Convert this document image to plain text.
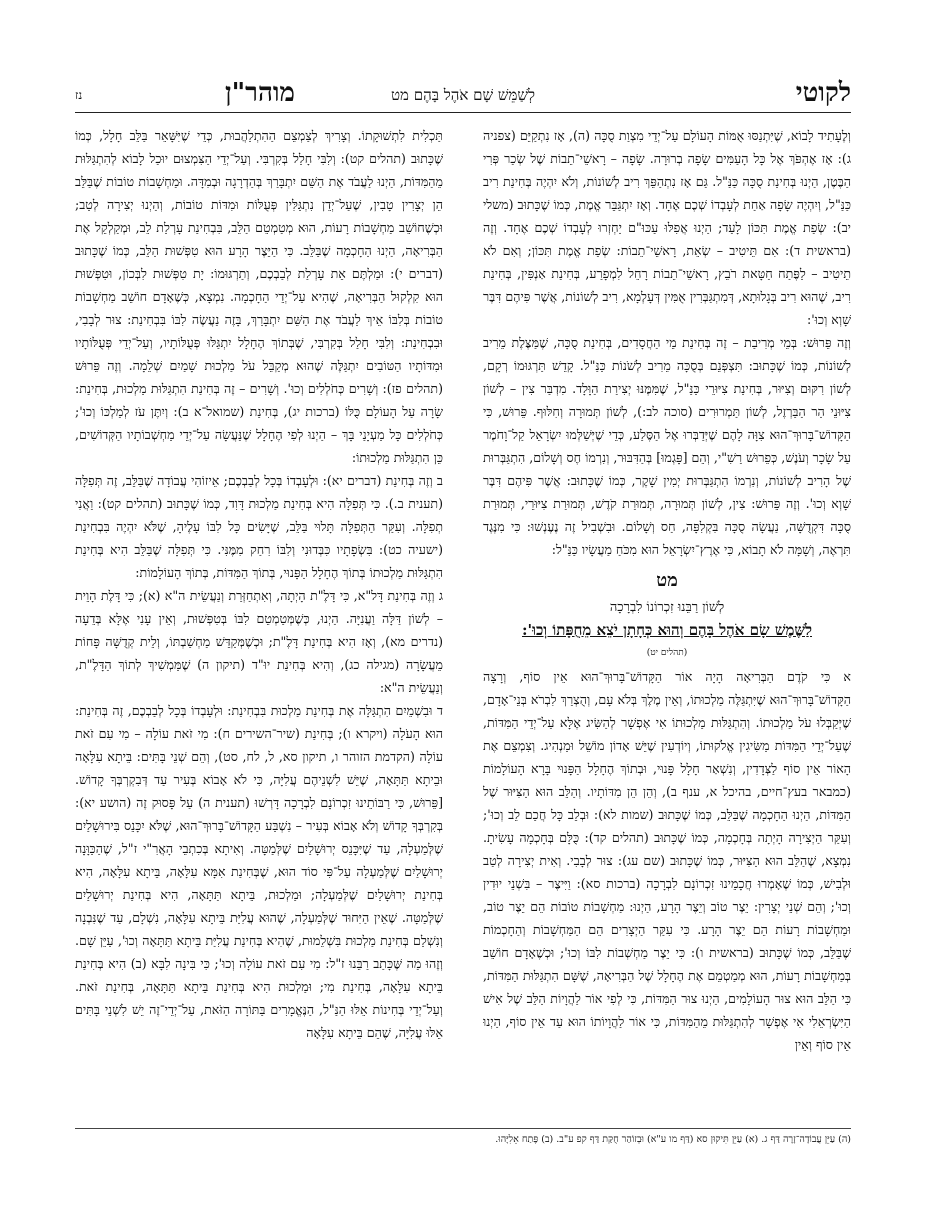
לקוטי
לְשַׁמֵּשׁ שָׁם אֹהֶל בָּהֶם מט
מוהר"ן
נז

וְלֶעָתִיד לָבוֹא, שֶׁיִּתְנַסּוּ אֻמּוֹת הָעוֹלָם עַל־יְדֵי מִצְוַת סֻכָּה (ה), אָז נִתְקַיֵּם (צפניה ג): אָז אֶהְפֹּךְ אֶל כָּל הָעַמִּים שָׂפָה בְרוּרָה. שָׂפָה – רָאשֵׁי־תֵבוֹת שֶׁל שְׂכַר פְּרִי הַבֶּטֶן, הַיְנוּ בְּחִינַת סֻכָּה כַּנַּ"ל. גַּם אָז נִתְהַפֵּךְ רִיב לְשׁוֹנוֹת, וְלֹא יִהְיֶה בְּחִינַת רִיב כַּנַּ"ל, וְיִהְיֶה שָׂפָה אַחַת לְעָבְדוֹ שְׁכֶם אֶחָד. וְאָז יִתְגַּבֵּר אֱמֶת, כְּמוֹ שֶׁכָּתוּב (משלי יב): שְׂפַת אֱמֶת תִּכּוֹן לָעַד; הַיְנוּ אֲפִלּוּ עַכּוּ"ם יַחְזְרוּ לְעָבְדוֹ שְׁכֶם אֶחָד. וְזֶה (בראשית ד): אִם תֵּיטִיב – שְׂאֵת, רָאשֵׁי־תֵבוֹת: שְׂפַת אֱמֶת תִּכּוֹן; וְאִם לֹא תֵיטִיב – לַפֶּתַח חַטָּאת רֹבֵץ, רָאשֵׁי־תֵבוֹת רָחֵל לִמְפָרַע, בְּחִינַת אַנְפִּין, בְּחִינַת רִיב, שֶׁהוּא רִיב בְּגָלוּתָא, דְּמִתְגַּבְּרִין אֻמִּין דְּעָלְמָא, רִיב לְשׁוֹנוֹת, אֲשֶׁר פִּיהֶם דִּבֶּר שָׁוְא וְכוּ':

וְזֶה פֵּרוּשׁ: בְּמֵי מְרִיבַת – זֶה בְּחִינַת מֵי הַחֲסָדִים, בְּחִינַת סֻכָּה, שֶׁמַּצֶּלֶת מֵרִיב לְשׁוֹנוֹת, כְּמוֹ שֶׁכָּתוּב: תִּצְפְּנֵם בְּסֻכָּה מֵרִיב לְשֹׁנוֹת כַּנַּ"ל. קָדֵשׁ תַּרְגּוּמוֹ רְקָם, לְשׁוֹן רִקּוּם וְצִיּוּר, בְּחִינַת צִיּוּרֵי כַּנַּ"ל, שֶׁמִּמֶּנּוּ יְצִירַת הַוָּלָד. מִדְבַּר צִין – לְשׁוֹן צִיּוּנֵי הַר הַבַּרְזֶל, לְשׁוֹן תַּמְרוּרִים (סוכה לב:), לְשׁוֹן תְּמוּרָה וְחִלּוּף. פֵּרוּשׁ, כִּי הַקָּדוֹשׁ־בָּרוּךְ־הוּא צִוָּה לָהֶם שֶׁיְּדַבְּרוּ אֶל הַסֶּלַע, כְּדֵי שֶׁיְּשַׁלְּמוּ יִשְׂרָאֵל קַל־וָחֹמֶר עַל שָׂכָר וְעֹנֶשׁ, כְּפֵרוּשׁ רַשִׁ"י, וְהֵם [פָּגְמוּ] בְּהַדִּבּוּר, וְנִרְמוֹ חֶס וְשָׁלוֹם, הִתְגַּבְּרוּת שֶׁל הָרִיב לְשׁוֹנוֹת, וְנִרְמוֹ הִתְגַּבְּרוּת יְמִין שָׁקֶר, כְּמוֹ שֶׁכָּתוּב: אֲשֶׁר פִּיהֶם דִּבֶּר שָׁוְא וְכוּ'. וְזֶה פֵּרוּשׁ: צִין, לְשׁוֹן תְּמוּרָה, תְּמוּרַת קֹדֶשׁ, תְּמוּרַת צִיּוּרֵי, תְּמוּרַת סֻכָּה דִּקְדֻשָּׁה, נַעֲשָׂה סֻכָּה בִּקְלִפָּה, חַס וְשָׁלוֹם. וּבִשְׁבִיל זֶה נֶעֶנְשׁוּ: כִּי מִנֶּגֶד תִּרְאֶה, וְשָׁמָּה לֹא תָבוֹא, כִּי אֶרֶץ־יִשְׂרָאֵל הוּא מִכֹּחַ מַעֲשָׂיו כַּנַּ"ל:

מט

לְשׁוֹן רַבֵּנוּ זִכְרוֹנוֹ לִבְרָכָה

לַשֶּׁמֶשׁ שָׂם אֹהֶל בָּהֶם וְהוּא כְּחָתָן יֹצֵא מֵחֻפָּתוֹ וְכוּ':

(תהלים יט)

א כִּי קֹדֶם הַבְּרִיאָה הָיָה אוֹר הַקָּדוֹשׁ־בָּרוּךְ־הוּא אֵין סוֹף, וְרָצָה הַקָּדוֹשׁ־בָּרוּךְ־הוּא שֶׁיִּתְגַּלֶּה מַלְכוּתוֹ, וְאֵין מֶלֶךְ בְּלֹא עָם, וְהֻצְרַךְ לִבְרֹא בְּנֵי־אָדָם, שֶׁיְּקַבְּלוּ עֹל מַלְכוּתוֹ. וְהִתְגַּלּוּת מַלְכוּתוֹ אִי אֶפְשָׁר לְהַשִּׂיג אֶלָּא עַל־יְדֵי הַמִּדּוֹת, שֶׁעַל־יְדֵי הַמִּדּוֹת מַשִּׂיגִין אֱלֹקוּתוֹ, וְיוֹדְעִין שֶׁיֵּשׁ אָדוֹן מוֹשֵׁל וּמַנְהִיג. וְצִמְצֵם אֶת הָאוֹר אֵין סוֹף לַצְּדָדִין, וְנִשְׁאַר חָלָל פָּנוּי, וּבְתוֹךְ הֶחָלָל הַפָּנוּי בָּרָא הָעוֹלָמוֹת (כמבאר בעץ־חיים, בהיכל א, ענף ב), וְהֵן הֵן מִדּוֹתָיו. וְהַלֵּב הוּא הַצִּיּוּר שֶׁל הַמִּדּוֹת, הַיְנוּ הַחָכְמָה שֶׁבַּלֵּב, כְּמוֹ שֶׁכָּתוּב (שמות לא): וּבְלֵב כָּל חֲכַם לֵב וְכוּ'; וְעִקַּר הַיְצִירָה הָיְתָה בְּחָכְמָה, כְּמוֹ שֶׁכָּתוּב (תהלים קד): כֻּלָּם בְּחָכְמָה עָשִׂיתָ. נִמְצָא, שֶׁהַלֵּב הוּא הַצִּיּוּר, כְּמוֹ שֶׁכָּתוּב (שם עג): צוּר לְבָבִי. וְאִית יְצִירָה לְטַב וּלְבִישׁ, כְּמוֹ שֶׁאָמְרוּ חֲכָמֵינוּ זִכְרוֹנָם לִבְרָכָה (ברכות סא): וַיִּיצֶר – בִּשְׁנֵי יוּדִין וְכוּ'; וְהֵם שְׁנֵי יְצָרִין: יֵצֶר טוֹב וְיֵצֶר הָרָע, הַיְנוּ: מַחְשָׁבוֹת טוֹבוֹת הֵם יֵצֶר טוֹב, וּמַחְשָׁבוֹת רָעוֹת הֵם יֵצֶר הָרָע. כִּי עִקַּר הַיְצָרִים הֵם הַמַּחְשָׁבוֹת וְהַחָכְמוֹת שֶׁבַּלֵּב, כְּמוֹ שֶׁכָּתוּב (בראשית ו): כִּי יֵצֶר מַחְשְׁבוֹת לִבּוֹ וְכוּ'; וּכְשֶׁאָדָם חוֹשֵׁב בְּמַחְשָׁבוֹת רָעוֹת, הוּא מְמַטְמֵם אֶת הֶחָלָל שֶׁל הַבְּרִיאָה, שֶׁשָּׁם הִתְגַּלּוּת הַמִּדּוֹת, כִּי הַלֵּב הוּא צוּר הָעוֹלָמִים, הַיְנוּ צוּר הַמִּדּוֹת, כִּי לְפִי אוֹר לַהֲוָיוֹת הַלֵּב שֶׁל אִישׁ הַיִּשְׂרְאֵלִי אִי אֶפְשָׁר לְהִתְגַּלּוּת מֵהַמִּדּוֹת, כִּי אוֹר לַהֲוָיוֹתוֹ הוּא עַד אֵין סוֹף, הַיְנוּ אֵין סוֹף וְאֵין

תַּכְלִית לִתְשׁוּקָתוֹ. וְצָרִיךְ לְצַמְצֵם הַהִתְלַהֲבוּת, כְּדֵי שֶׁיִּשָּׁאֵר בַּלֵּב חָלָל, כְּמוֹ שֶׁכָּתוּב (תהלים קט): וְלִבִּי חָלַל בְּקִרְבִּי. וְעַל־יְדֵי הַצִּמְצוּם יוּכַל לָבוֹא לְהִתְגַּלּוּת מֵהַמִּדּוֹת, הַיְנוּ לַעֲבֹד אֶת הַשֵּׁם יִתְבָּרַךְ בְּהַדְרָגָה וּבְמִדָּה. וּמַחְשָׁבוֹת טוֹבוֹת שֶׁבַּלֵּב הֵן יְצָרִין טָבִין, שֶׁעַל־יְדֵן נִתְגַּלִּין פְּעֻלּוֹת וּמִדּוֹת טוֹבוֹת, וְהַיְנוּ יְצִירָה לְטַב; וּכְשֶׁחוֹשֵׁב מַחְשָׁבוֹת רָעוֹת, הוּא מְטַמְטֵם הַלֵּב, בִּבְחִינַת עָרְלַת לֵב, וּמְקַלְקֵל אֶת הַבְּרִיאָה, הַיְנוּ הַחָכְמָה שֶׁבַּלֵּב. כִּי הַיֵּצֶר הָרָע הוּא טִפְּשׁוּת הַלֵּב, כְּמוֹ שֶׁכָּתוּב (דברים י): וּמַלְתֶּם אֵת עָרְלַת לְבַבְכֶם, וְתַרְגּוּמוֹ: יָת טִפְּשׁוּת לִבְּכוֹן, וּטִפְּשׁוּת הוּא קִלְקוּל הַבְּרִיאָה, שֶׁהִיא עַל־יְדֵי הַחָכְמָה. נִמְצָא, כְּשֶׁאָדָם חוֹשֵׁב מַחְשָׁבוֹת טוֹבוֹת בְּלִבּוֹ אֵיךְ לַעֲבֹד אֶת הַשֵּׁם יִתְבָּרַךְ, בָּזֶה נַעֲשֶׂה לִבּוֹ בִּבְחִינַת: צוּר לְבָבִי, וּבִבְחִינַת: וְלִבִּי חָלַל בְּקִרְבִּי, שֶׁבְּתוֹךְ הֶחָלָל יִתְגַּלּוּ פְּעֻלּוֹתָיו, וְעַל־יְדֵי פְּעֻלּוֹתָיו וּמִדּוֹתָיו הַטּוֹבִים יִתְגַּלֶּה שֶׁהוּא מְקַבֵּל עֹל מַלְכוּת שָׁמַיִם שְׁלֵמָה. וְזֶה פֵּרוּשׁ (תהלים פז): וְשָׁרִים כְּחֹלְלִים וְכוּ'. וְשָׁרִים – זֶה בְּחִינַת הִתְגַּלּוּת מַלְכוּת, בְּחִינַת: שָׂרָה עַל הָעוֹלָם כֻּלּוֹ (ברכות יג), בְּחִינַת (שמואל־א ב): וְיִתֶּן עֹז לְמַלְכּוֹ וְכוּ'; כְּחֹלְלִים כָּל מַעְיָנַי בָּךְ – הַיְנוּ לְפִי הֶחָלָל שֶׁנַּעֲשָׂה עַל־יְדֵי מַחְשְׁבוֹתָיו הַקְּדוֹשִׁים, כֵּן הִתְגַּלּוּת מַלְכוּתוֹ:

ב וְזֶה בְּחִינַת (דברים יא): וּלְעָבְדוֹ בְּכָל לְבַבְכֶם; אֵיזוֹהִי עֲבוֹדָה שֶׁבַּלֵּב, זֶה תְּפִלָּה (תענית ב.). כִּי תְּפִלָּה הִיא בְּחִינַת מַלְכוּת דָּוִד, כְּמוֹ שֶׁכָּתוּב (תהלים קט): וַאֲנִי תְפִלָּה. וְעִקַּר הַתְּפִלָּה תָּלוּי בַּלֵּב, שֶׁיָּשִׂים כָּל לִבּוֹ עָלֶיהָ, שֶׁלֹּא יִהְיֶה בִּבְחִינַת (ישעיה כט): בִּשְׂפָתָיו כִּבְּדוּנִי וְלִבּוֹ רִחַק מִמֶּנִּי. כִּי תְּפִלָּה שֶׁבַּלֵּב הִיא בְּחִינַת הִתְגַּלּוּת מַלְכוּתוֹ בְּתוֹךְ הֶחָלָל הַפָּנוּי, בְּתוֹךְ הַמִּדּוֹת, בְּתוֹךְ הָעוֹלָמוֹת:

ג וְזֶה בְּחִינַת דָּל"א, כִּי דָּלֶ"ת הָיְתָה, וְאִתְחַזְּרַת וְנַעֲשֵׂית ה"א (א); כִּי דָּלֶת הָוֵית – לְשׁוֹן דַּלָּה וַעֲנִיָּה. הַיְנוּ, כְּשֶׁמְּטַמְטֵם לִבּוֹ בְּטִפְּשׁוּת, וְאֵין עָנִי אֶלָּא בְּדֵעָה (נדרים מא), וְאָז הִיא בְּחִינַת דָּלֶ"ת; וּכְשֶׁמְּקַדֵּשׁ מַחְשַׁבְתּוֹ, וְלֵית קְדֻשָּׁה פָּחוֹת מֵעֲשָׂרָה (מגילה כג), וְהִיא בְּחִינַת יוּ"ד (תיקון ה) שֶׁמַּמְשִׁיךְ לְתוֹךְ הַדָּלֶ"ת, וְנַעֲשֵׂית ה"א:

ד וּבִשְׁמֵיִם הִתְגַּלָּה אֶת בְּחִינַת מַלְכוּת בִּבְחִינַת: וּלְעָבְדוֹ בְּכָל לְבַבְכֶם, זֶה בְּחִינַת: הוּא הָעֹלָה (ויקרא ו); בְּחִינַת (שיר־השירים ח): מִי זֹאת עוֹלָה – מִי עִם זֹאת עוֹלָה (הקדמת הזוהר ו, תיקון סא, ל, לח, סט), וְהֵם שְׁנֵי בָּתִּים: בֵּיתָא עִלָּאָה וּבֵיתָא תַּתָּאָה, שֶׁיֵּשׁ לִשְׁנֵיהֶם עֲלִיָּה, כִּי לֹא אָבוֹא בְּעִיר עַד דְּבִקְרְבְּךָ קָדוֹשׁ. [פֵּרוּשׁ, כִּי רַבּוֹתֵינוּ זִכְרוֹנָם לִבְרָכָה דָּרְשׁוּ (תענית ה) עַל פָּסוּק זֶה (הושע יא): בְּקִרְבְּךָ קָדוֹשׁ וְלֹא אָבוֹא בְּעִיר – נִשְׁבַּע הַקָּדוֹשׁ־בָּרוּךְ־הוּא, שֶׁלֹּא יִכָּנֵס בִּירוּשָׁלַיִם שֶׁלְּמַעְלָה, עַד שֶׁיִּכָּנֵס יְרוּשָׁלַיִם שֶׁלְּמַטָּה. וְאִיתָא בְּכִתְבֵי הָאֲרִ"י ז"ל, שֶׁהַכַּוָּנָה יְרוּשָׁלַיִם שֶׁלְּמַעְלָה עַל־פִּי סוֹד הוּא, שֶׁבְּחִינַת אִמָּא עִלָּאָה, בֵּיתָא עִלָּאָה, הִיא בְּחִינַת יְרוּשָׁלַיִם שֶׁלְּמַעְלָה; וּמַלְכוּת, בֵּיתָא תַּתָּאָה, הִיא בְּחִינַת יְרוּשָׁלַיִם שֶׁלְּמַטָּה. שֶׁאֵין הַיִּחוּד שֶׁלְּמַעְלָה, שֶׁהוּא עֲלִיַּת בֵּיתָא עִלָּאָה, נִשְׁלָם, עַד שֶׁנִּבְנָה וְנִשְׁלַם בְּחִינַת מַלְכוּת בִּשְׁלֵמוּת, שֶׁהִיא בְּחִינַת עֲלִיַּת בֵּיתָא תַּתָּאָה וְכוּ', עַיֵּן שָׁם. וְזֶהוּ מַה שֶּׁכָּתַב רַבֵּנוּ ז"ל: מִי עִם זֹאת עוֹלָה וְכוּ'; כִּי בִּינָה לִבָּא (ב) הִיא בְּחִינַת בֵּיתָא עִלָּאָה, בְּחִינַת מִי; וּמַלְכוּת הִיא בְּחִינַת בֵּיתָא תַּתָּאָה, בְּחִינַת זֹאת. וְעַל־יְדֵי בְּחִינוֹת אֵלּוּ הַנַּ"ל, הַנֶּאֱמָרִים בַּתּוֹרָה הַזֹּאת, עַל־יְדֵי־זֶה יֵשׁ לִשְׁנֵי בָּתִּים אֵלּוּ עֲלִיָּה, שֶׁהֵם בֵּיתָא עִלָּאָה

(ה) עַיֵּן עֲבוֹדָה־זָרָה דַּף ג. (א) עַיֵּן תִּיקוּן סא (דַּף מו ע"א) וּבְזוֹהַר חֻקַּת דַּף קפ ע"ב. (ב) פֶּתַח אֵלִיָּהוּ.
